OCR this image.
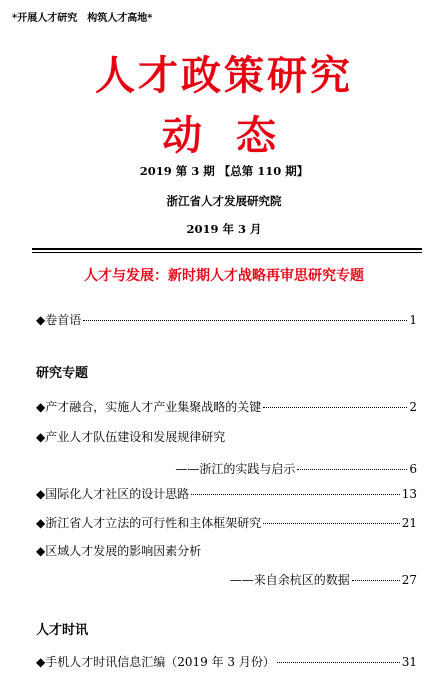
*开展人才研究　构筑人才高地*
人才政策研究
动 态
2019 第 3 期 【总第 110 期】
浙江省人才发展研究院
2019 年 3 月
人才与发展：新时期人才战略再审思研究专题
◆卷首语	1
研究专题
◆产才融合，实施人才产业集聚战略的关键	2
◆产业人才队伍建设和发展规律研究
——浙江的实践与启示	6
◆国际化人才社区的设计思路	13
◆浙江省人才立法的可行性和主体框架研究	21
◆区域人才发展的影响因素分析
——来自余杭区的数据	27
人才时讯
◆手机人才时讯信息汇编（2019 年 3 月份）	31
